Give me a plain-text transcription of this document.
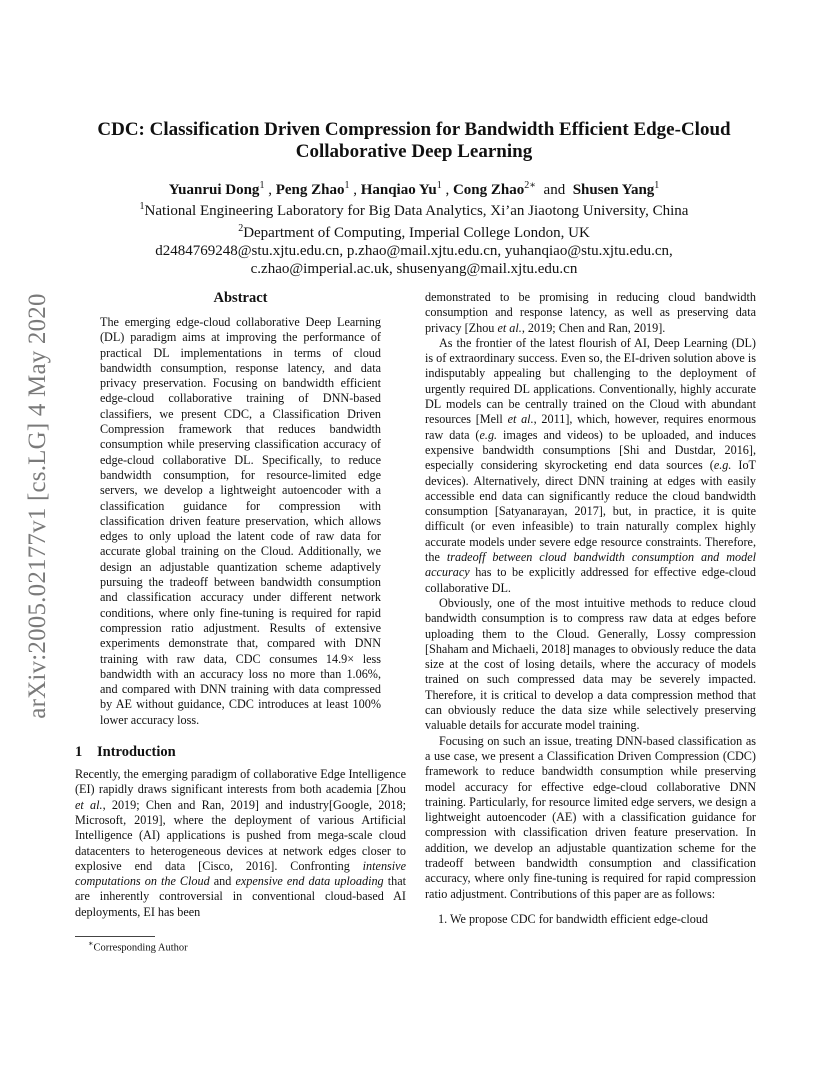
arXiv:2005.02177v1 [cs.LG] 4 May 2020
CDC: Classification Driven Compression for Bandwidth Efficient Edge-Cloud Collaborative Deep Learning
Yuanrui Dong$^1$ , Peng Zhao$^1$ , Hanqiao Yu$^1$ , Cong Zhao$^{2∗}$ and Shusen Yang$^1$
$^1$National Engineering Laboratory for Big Data Analytics, Xi’an Jiaotong University, China
$^2$Department of Computing, Imperial College London, UK
d2484769248@stu.xjtu.edu.cn, p.zhao@mail.xjtu.edu.cn, yuhanqiao@stu.xjtu.edu.cn,
c.zhao@imperial.ac.uk, shusenyang@mail.xjtu.edu.cn
Abstract

The emerging edge-cloud collaborative Deep Learning (DL) paradigm aims at improving the performance of practical DL implementations in terms of cloud bandwidth consumption, response latency, and data privacy preservation. Focusing on bandwidth efficient edge-cloud collaborative training of DNN-based classifiers, we present CDC, a Classification Driven Compression framework that reduces bandwidth consumption while preserving classification accuracy of edge-cloud collaborative DL. Specifically, to reduce bandwidth consumption, for resource-limited edge servers, we develop a lightweight autoencoder with a classification guidance for compression with classification driven feature preservation, which allows edges to only upload the latent code of raw data for accurate global training on the Cloud. Additionally, we design an adjustable quantization scheme adaptively pursuing the tradeoff between bandwidth consumption and classification accuracy under different network conditions, where only fine-tuning is required for rapid compression ratio adjustment. Results of extensive experiments demonstrate that, compared with DNN training with raw data, CDC consumes 14.9× less bandwidth with an accuracy loss no more than 1.06%, and compared with DNN training with data compressed by AE without guidance, CDC introduces at least 100% lower accuracy loss.

1 Introduction

Recently, the emerging paradigm of collaborative Edge Intelligence (EI) rapidly draws significant interests from both academia [Zhou et al., 2019; Chen and Ran, 2019] and industry[Google, 2018; Microsoft, 2019], where the deployment of various Artificial Intelligence (AI) applications is pushed from mega-scale cloud datacenters to heterogeneous devices at network edges closer to explosive end data [Cisco, 2016]. Confronting intensive computations on the Cloud and expensive end data uploading that are inherently controversial in conventional cloud-based AI deployments, EI has been

demonstrated to be promising in reducing cloud bandwidth consumption and response latency, as well as preserving data privacy [Zhou et al., 2019; Chen and Ran, 2019].

As the frontier of the latest flourish of AI, Deep Learning (DL) is of extraordinary success. Even so, the EI-driven solution above is indisputably appealing but challenging to the deployment of urgently required DL applications. Conventionally, highly accurate DL models can be centrally trained on the Cloud with abundant resources [Mell et al., 2011], which, however, requires enormous raw data (e.g. images and videos) to be uploaded, and induces expensive bandwidth consumptions [Shi and Dustdar, 2016], especially considering skyrocketing end data sources (e.g. IoT devices). Alternatively, direct DNN training at edges with easily accessible end data can significantly reduce the cloud bandwidth consumption [Satyanarayan, 2017], but, in practice, it is quite difficult (or even infeasible) to train naturally complex highly accurate models under severe edge resource constraints. Therefore, the tradeoff between cloud bandwidth consumption and model accuracy has to be explicitly addressed for effective edge-cloud collaborative DL.

Obviously, one of the most intuitive methods to reduce cloud bandwidth consumption is to compress raw data at edges before uploading them to the Cloud. Generally, Lossy compression [Shaham and Michaeli, 2018] manages to obviously reduce the data size at the cost of losing details, where the accuracy of models trained on such compressed data may be severely impacted. Therefore, it is critical to develop a data compression method that can obviously reduce the data size while selectively preserving valuable details for accurate model training.

Focusing on such an issue, treating DNN-based classification as a use case, we present a Classification Driven Compression (CDC) framework to reduce bandwidth consumption while preserving model accuracy for effective edge-cloud collaborative DNN training. Particularly, for resource limited edge servers, we design a lightweight autoencoder (AE) with a classification guidance for compression with classification driven feature preservation. In addition, we develop an adjustable quantization scheme for the tradeoff between bandwidth consumption and classification accuracy, where only fine-tuning is required for rapid compression ratio adjustment. Contributions of this paper are as follows:

1. We propose CDC for bandwidth efficient edge-cloud
∗Corresponding Author
